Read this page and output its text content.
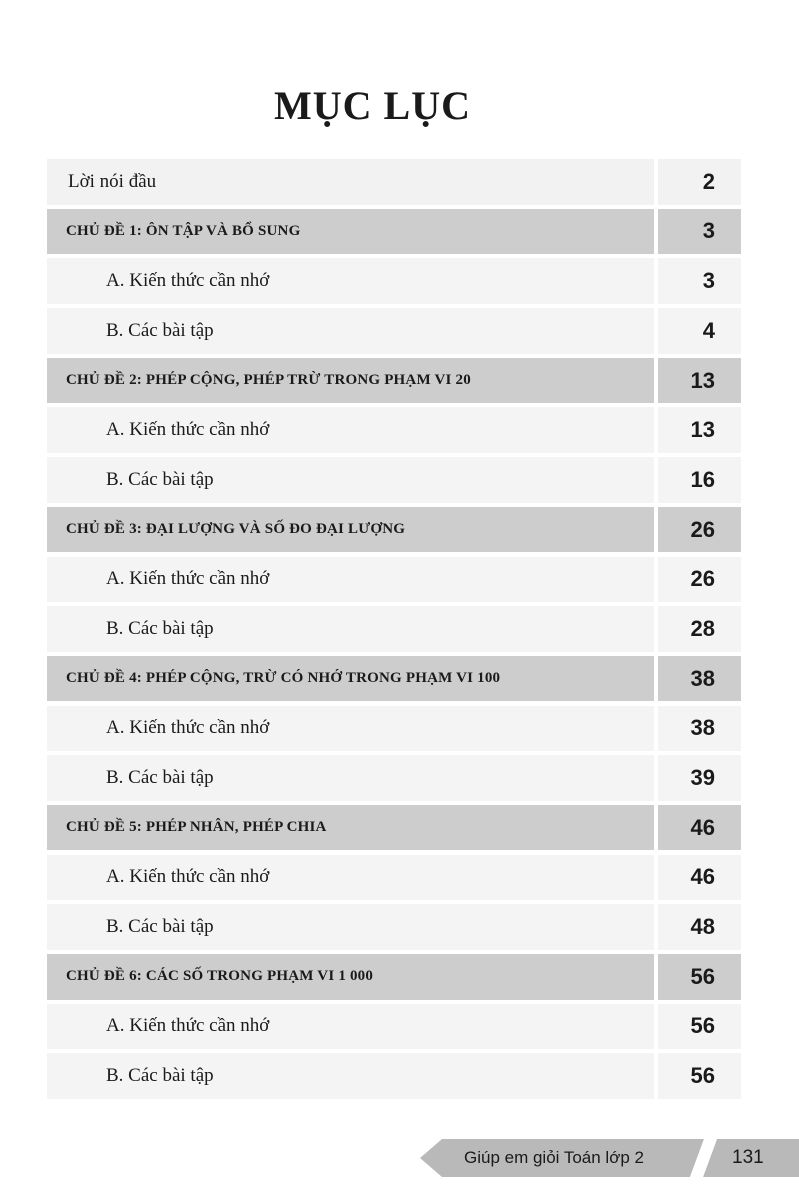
MỤC LỤC
Lời nói đầu	2
CHỦ ĐỀ 1: ÔN TẬP VÀ BỔ SUNG	3
A. Kiến thức cần nhớ	3
B. Các bài tập	4
CHỦ ĐỀ 2: PHÉP CỘNG, PHÉP TRỪ TRONG PHẠM VI 20	13
A. Kiến thức cần nhớ	13
B. Các bài tập	16
CHỦ ĐỀ 3: ĐẠI LƯỢNG VÀ SỐ ĐO ĐẠI LƯỢNG	26
A. Kiến thức cần nhớ	26
B. Các bài tập	28
CHỦ ĐỀ 4: PHÉP CỘNG, TRỪ CÓ NHỚ TRONG PHẠM VI 100	38
A. Kiến thức cần nhớ	38
B. Các bài tập	39
CHỦ ĐỀ 5: PHÉP NHÂN, PHÉP CHIA	46
A. Kiến thức cần nhớ	46
B. Các bài tập	48
CHỦ ĐỀ 6: CÁC SỐ TRONG PHẠM VI 1 000	56
A. Kiến thức cần nhớ	56
B. Các bài tập	56
Giúp em giỏi Toán lớp 2	131
